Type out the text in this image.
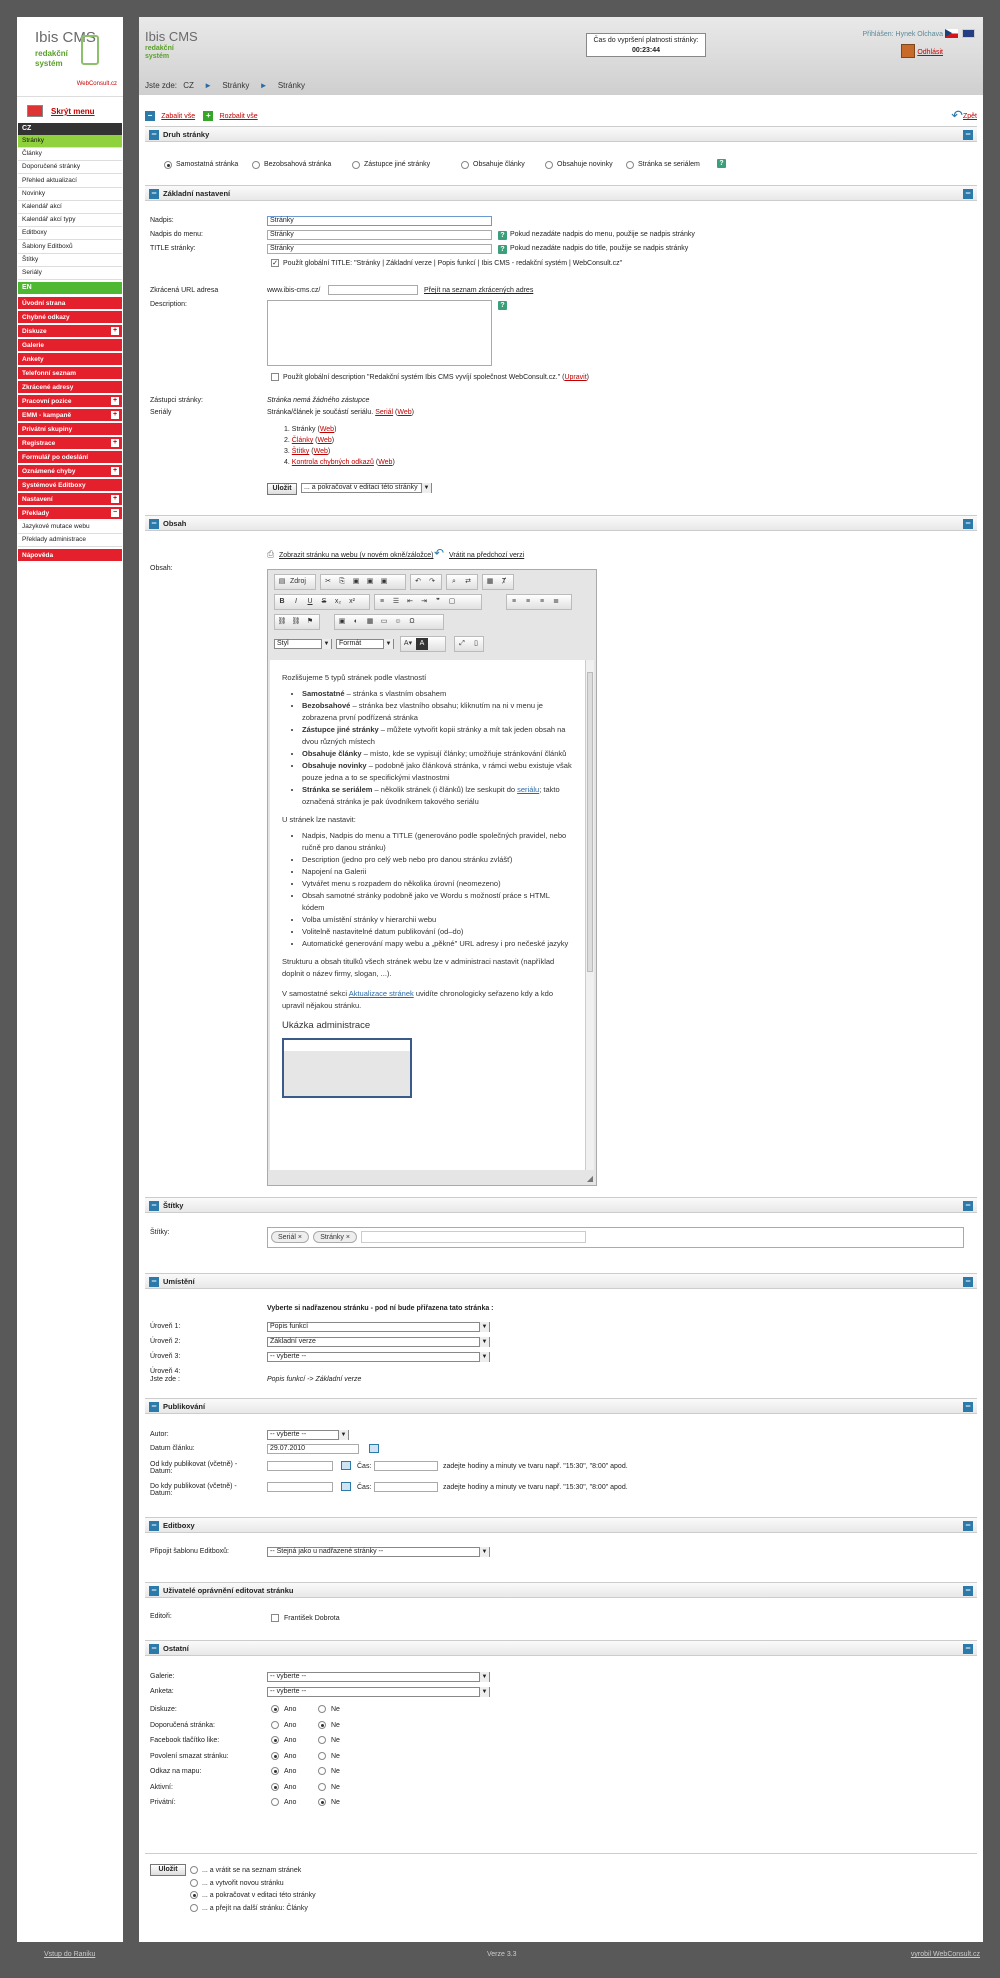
Ibis CMS
redakční
systém
WebConsult.cz
Skrýt menu
CZ
Stránky
Články
Doporučené stránky
Přehled aktualizací
Novinky
Kalendář akcí
Kalendář akcí typy
Editboxy
Šablony Editboxů
Štítky
Seriály
EN
Úvodní strana
Chybné odkazy
Diskuze	+
Galerie
Ankety
Telefonní seznam
Zkrácené adresy
Pracovní pozice	+
EMM - kampaně	+
Privátní skupiny
Registrace	+
Formulář po odeslání
Oznámené chyby	+
Systémové Editboxy
Nastavení	+
Překlady	−
Jazykové mutace webu
Překlady administrace
Nápověda
Ibis CMS
redakční
systém
Čas do vypršení platnosti stránky:
00:23:44
Přihlášen: Hynek Olchava
Odhlásit
Jste zde: CZ ► Stránky ► Stránky
− Zabalit vše + Rozbalit vše	↶ Zpět
− Druh stránky	−
Samostatná stránka	Bezobsahová stránka	Zástupce jiné stránky	Obsahuje články	Obsahuje novinky	Stránka se seriálem	?
− Základní nastavení	−
Nadpis:	Stránky
Nadpis do menu:	Stránky	? Pokud nezadáte nadpis do menu, použije se nadpis stránky
TITLE stránky:	Stránky	? Pokud nezadáte nadpis do title, použije se nadpis stránky
✓ Použít globální TITLE: "Stránky | Základní verze | Popis funkcí | Ibis CMS - redakční systém | WebConsult.cz"
Zkrácená URL adresa	www.ibis-cms.cz/	Přejít na seznam zkrácených adres
Description:	?
Použít globální description "Redakční systém Ibis CMS vyvíjí společnost WebConsult.cz." (Upravit)
Zástupci stránky:	Stránka nemá žádného zástupce
Seriály	Stránka/článek je součástí seriálu. Seriál (Web)
1. Stránky (Web)
2. Články (Web)
3. Štítky (Web)
4. Kontrola chybných odkazů (Web)
Uložit	... a pokračovat v editaci této stránky ▼
− Obsah	−
⎙ Zobrazit stránku na webu (v novém okně/záložce) ↶ Vrátit na předchozí verzi
Obsah:
▤ Zdroj	✂ ⎘ ▣ ▣ ▣	↶ ↷	⌕ ⇄	▦ Ⱦ
B I U S x₂ x²	≡ ☰ ⇤ ⇥ ❞ ▢	≡ ≡ ≡ ≣
⛓ ⛓ ⚑	▣ ◐ ▦ ▭ ☺ Ω
Styl ▼	Formát ▼	A▾ A	⤢ ▯

Rozlišujeme 5 typů stránek podle vlastností

• Samostatné – stránka s vlastním obsahem
• Bezobsahové – stránka bez vlastního obsahu; kliknutím na ni v menu je zobrazena první podřízená stránka
• Zástupce jiné stránky – můžete vytvořit kopii stránky a mít tak jeden obsah na dvou různých místech
• Obsahuje články – místo, kde se vypisují články; umožňuje stránkování článků
• Obsahuje novinky – podobně jako článková stránka, v rámci webu existuje však pouze jedna a to se specifickými vlastnostmi
• Stránka se seriálem – několik stránek (i článků) lze seskupit do seriálu; takto označená stránka je pak úvodníkem takového seriálu

U stránek lze nastavit:

• Nadpis, Nadpis do menu a TITLE (generováno podle společných pravidel, nebo ručně pro danou stránku)
• Description (jedno pro celý web nebo pro danou stránku zvlášť)
• Napojení na Galerii
• Vytvářet menu s rozpadem do několika úrovní (neomezeno)
• Obsah samotné stránky podobně jako ve Wordu s možností práce s HTML kódem
• Volba umístění stránky v hierarchii webu
• Volitelně nastavitelné datum publikování (od–do)
• Automatické generování mapy webu a „pěkné" URL adresy i pro nečeské jazyky

Strukturu a obsah titulků všech stránek webu lze v administraci nastavit (například doplnit o název firmy, slogan, ...).

V samostatné sekci Aktualizace stránek uvidíte chronologicky seřazeno kdy a kdo upravil nějakou stránku.

Ukázka administrace

◢
− Štítky	−
Štítky:
Seriál ×	Stránky ×
− Umístění	−
Vyberte si nadřazenou stránku - pod ní bude přiřazena tato stránka :
Úroveň 1:	Popis funkcí ▼
Úroveň 2:	Základní verze ▼
Úroveň 3:	-- vyberte -- ▼
Úroveň 4:
Jste zde :	Popis funkcí -> Základní verze
− Publikování	−
Autor:	-- vyberte -- ▼
Datum článku:	29.07.2010
Od kdy publikovat (včetně) - Datum:
Čas:	zadejte hodiny a minuty ve tvaru např. "15:30", "8:00" apod.
Do kdy publikovat (včetně) - Datum:
Čas:	zadejte hodiny a minuty ve tvaru např. "15:30", "8:00" apod.
− Editboxy	−
Připojit šablonu Editboxů:	-- Stejná jako u nadřazené stránky -- ▼
− Uživatelé oprávnění editovat stránku	−
Editoři:	František Dobrota
− Ostatní	−
Galerie:	-- vyberte -- ▼
Anketa:	-- vyberte -- ▼
Diskuze:	Ano	Ne
Doporučená stránka:	Ano	Ne
Facebook tlačítko like:	Ano	Ne
Povolení smazat stránku:	Ano	Ne
Odkaz na mapu:	Ano	Ne
Aktivní:	Ano	Ne
Privátní:	Ano	Ne
Uložit	... a vrátit se na seznam stránek
... a vytvořit novou stránku
... a pokračovat v editaci této stránky
... a přejít na další stránku: Články
Vstup do Raniku	Verze 3.3	vyrobil WebConsult.cz
